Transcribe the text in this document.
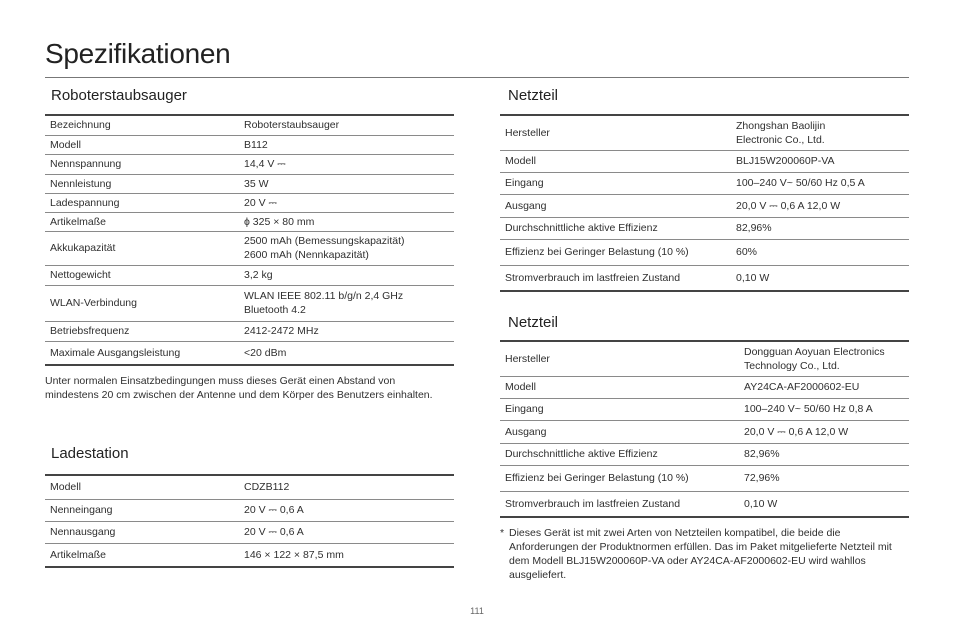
Spezifikationen
Roboterstaubsauger
Bezeichnung	Roboterstaubsauger
Modell	B112
Nennspannung	14,4 V ⎓
Nennleistung	35 W
Ladespannung	20 V ⎓
Artikelmaße	ϕ 325 × 80 mm
Akkukapazität	2500 mAh (Bemessungskapazität)
2600 mAh (Nennkapazität)
Nettogewicht	3,2 kg
WLAN-Verbindung	WLAN IEEE 802.11 b/g/n 2,4 GHz
Bluetooth 4.2
Betriebsfrequenz	2412-2472 MHz
Maximale Ausgangsleistung	<20 dBm
Unter normalen Einsatzbedingungen muss dieses Gerät einen Abstand von mindestens 20 cm zwischen der Antenne und dem Körper des Benutzers einhalten.
Ladestation
Modell	CDZB112
Nenneingang	20 V ⎓ 0,6 A
Nennausgang	20 V ⎓ 0,6 A
Artikelmaße	146 × 122 × 87,5 mm
Netzteil
Hersteller	Zhongshan Baolijin
Electronic Co., Ltd.
Modell	BLJ15W200060P-VA
Eingang	100–240 V~ 50/60 Hz 0,5 A
Ausgang	20,0 V ⎓ 0,6 A 12,0 W
Durchschnittliche aktive Effizienz	82,96%
Effizienz bei Geringer Belastung (10 %)	60%
Stromverbrauch im lastfreien Zustand	0,10 W
Netzteil
Hersteller	Dongguan Aoyuan Electronics
Technology Co., Ltd.
Modell	AY24CA-AF2000602-EU
Eingang	100–240 V~ 50/60 Hz 0,8 A
Ausgang	20,0 V ⎓ 0,6 A 12,0 W
Durchschnittliche aktive Effizienz	82,96%
Effizienz bei Geringer Belastung (10 %)	72,96%
Stromverbrauch im lastfreien Zustand	0,10 W
* Dieses Gerät ist mit zwei Arten von Netzteilen kompatibel, die beide die Anforderungen der Produktnormen erfüllen. Das im Paket mitgelieferte Netzteil mit dem Modell BLJ15W200060P-VA oder AY24CA-AF2000602-EU wird wahllos ausgeliefert.
111
